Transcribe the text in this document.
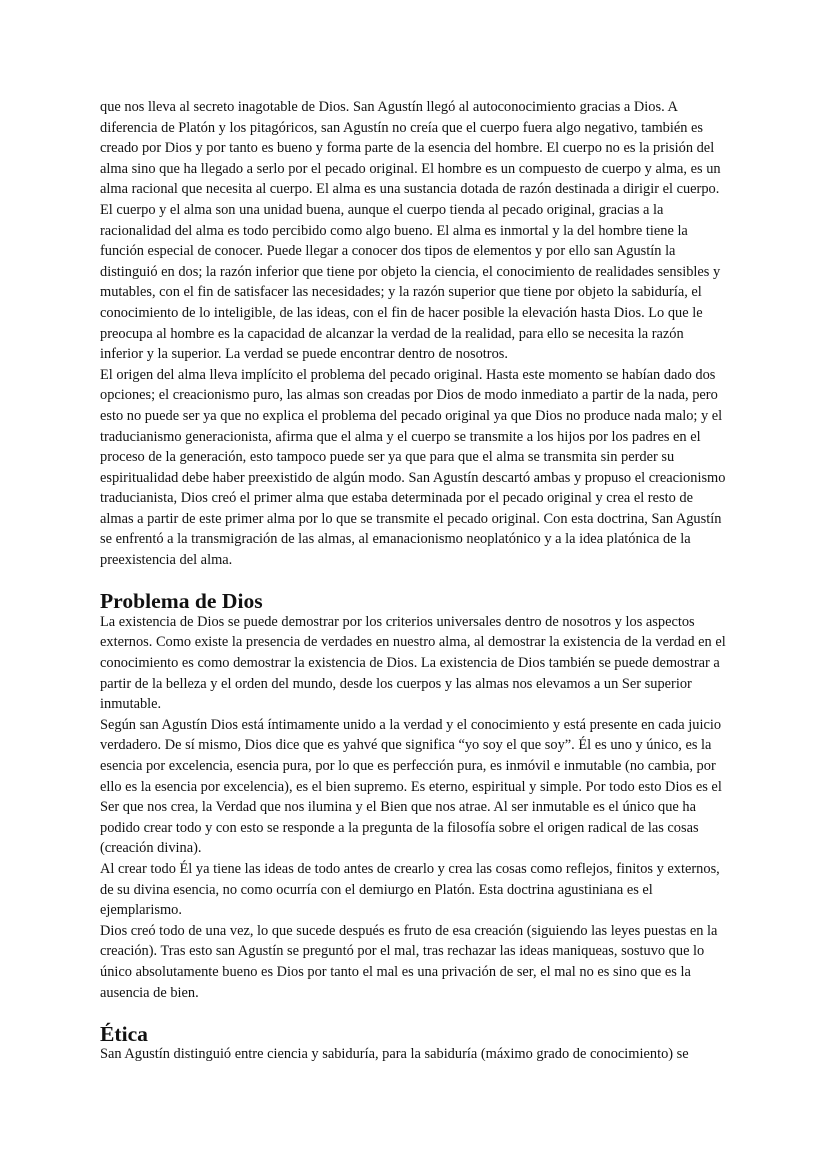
que nos lleva al secreto inagotable de Dios. San Agustín llegó al autoconocimiento gracias a Dios. A diferencia de Platón y los pitagóricos, san Agustín no creía que el cuerpo fuera algo negativo, también es creado por Dios y por tanto es bueno y forma parte de la esencia del hombre. El cuerpo no es la prisión del alma sino que ha llegado a serlo por el pecado original. El hombre es un compuesto de cuerpo y alma, es un alma racional que necesita al cuerpo. El alma es una sustancia dotada de razón destinada a dirigir el cuerpo. El cuerpo y el alma son una unidad buena, aunque el cuerpo tienda al pecado original, gracias a la racionalidad del alma es todo percibido como algo bueno. El alma es inmortal y la del hombre tiene la función especial de conocer. Puede llegar a conocer dos tipos de elementos y por ello san Agustín la distinguió en dos; la razón inferior que tiene por objeto la ciencia, el conocimiento de realidades sensibles y mutables, con el fin de satisfacer las necesidades; y la razón superior que tiene por objeto la sabiduría, el conocimiento de lo inteligible, de las ideas, con el fin de hacer posible la elevación hasta Dios. Lo que le preocupa al hombre es la capacidad de alcanzar la verdad de la realidad, para ello se necesita la razón inferior y la superior. La verdad se puede encontrar dentro de nosotros.

El origen del alma lleva implícito el problema del pecado original. Hasta este momento se habían dado dos opciones; el creacionismo puro, las almas son creadas por Dios de modo inmediato a partir de la nada, pero esto no puede ser ya que no explica el problema del pecado original ya que Dios no produce nada malo; y el traducianismo generacionista, afirma que el alma y el cuerpo se transmite a los hijos por los padres en el proceso de la generación, esto tampoco puede ser ya que para que el alma se transmita sin perder su espiritualidad debe haber preexistido de algún modo. San Agustín descartó ambas y propuso el creacionismo traducianista, Dios creó el primer alma que estaba determinada por el pecado original y crea el resto de almas a partir de este primer alma por lo que se transmite el pecado original. Con esta doctrina, San Agustín se enfrentó a la transmigración de las almas, al emanacionismo neoplatónico y a la idea platónica de la preexistencia del alma.

Problema de Dios

La existencia de Dios se puede demostrar por los criterios universales dentro de nosotros y los aspectos externos. Como existe la presencia de verdades en nuestro alma, al demostrar la existencia de la verdad en el conocimiento es como demostrar la existencia de Dios. La existencia de Dios también se puede demostrar a partir de la belleza y el orden del mundo, desde los cuerpos y las almas nos elevamos a un Ser superior inmutable.

Según san Agustín Dios está íntimamente unido a la verdad y el conocimiento y está presente en cada juicio verdadero. De sí mismo, Dios dice que es yahvé que significa “yo soy el que soy”. Él es uno y único, es la esencia por excelencia, esencia pura, por lo que es perfección pura, es inmóvil e inmutable (no cambia, por ello es la esencia por excelencia), es el bien supremo. Es eterno, espiritual y simple. Por todo esto Dios es el Ser que nos crea, la Verdad que nos ilumina y el Bien que nos atrae. Al ser inmutable es el único que ha podido crear todo y con esto se responde a la pregunta de la filosofía sobre el origen radical de las cosas (creación divina).

Al crear todo Él ya tiene las ideas de todo antes de crearlo y crea las cosas como reflejos, finitos y externos, de su divina esencia, no como ocurría con el demiurgo en Platón. Esta doctrina agustiniana es el ejemplarismo.

Dios creó todo de una vez, lo que sucede después es fruto de esa creación (siguiendo las leyes puestas en la creación). Tras esto san Agustín se preguntó por el mal, tras rechazar las ideas maniqueas, sostuvo que lo único absolutamente bueno es Dios por tanto el mal es una privación de ser, el mal no es sino que es la ausencia de bien.

Ética

San Agustín distinguió entre ciencia y sabiduría, para la sabiduría (máximo grado de conocimiento) se
